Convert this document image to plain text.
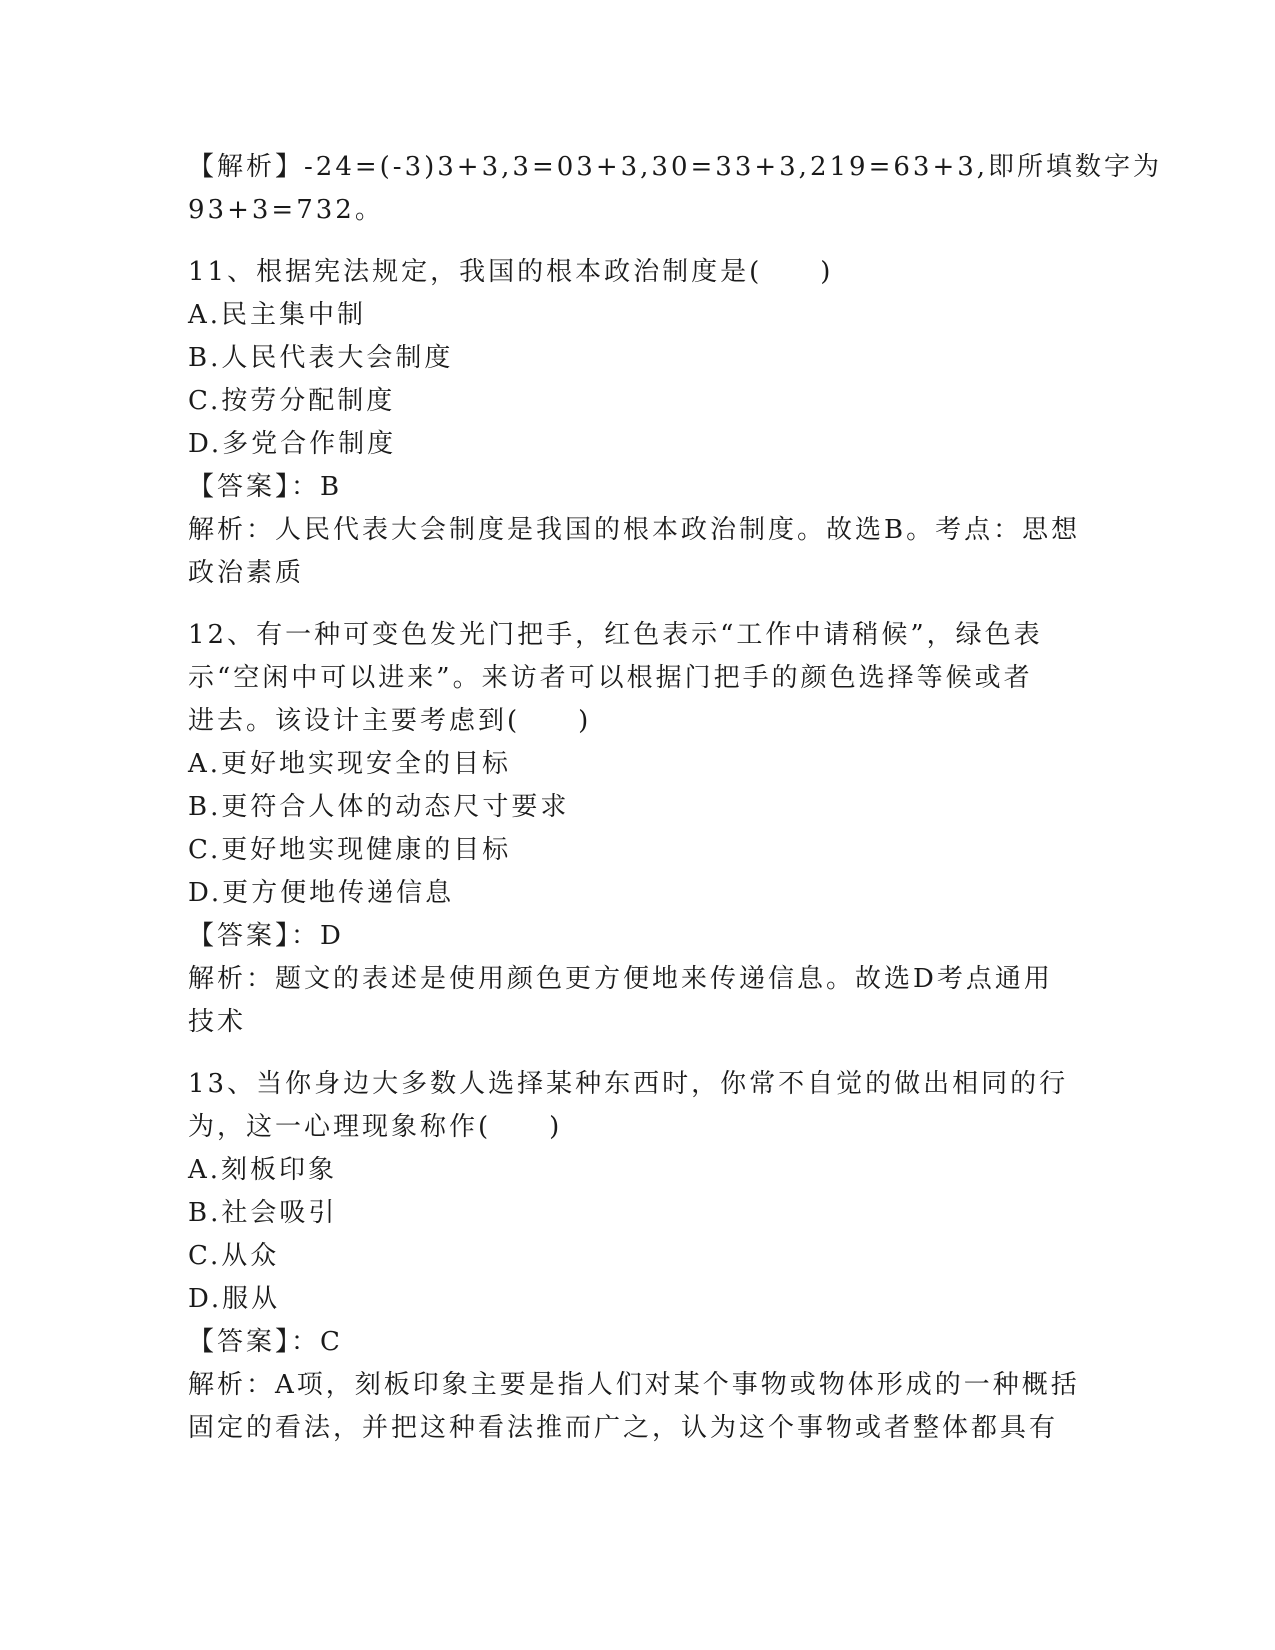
【解析】-24=(-3)3+3,3=03+3,30=33+3,219=63+3,即所填数字为
93+3=732。
11、根据宪法规定，我国的根本政治制度是(　　)
A.民主集中制
B.人民代表大会制度
C.按劳分配制度
D.多党合作制度
【答案】：B
解析：人民代表大会制度是我国的根本政治制度。故选B。考点：思想
政治素质
12、有一种可变色发光门把手，红色表示“工作中请稍候”，绿色表
示“空闲中可以进来”。来访者可以根据门把手的颜色选择等候或者
进去。该设计主要考虑到(　　)
A.更好地实现安全的目标
B.更符合人体的动态尺寸要求
C.更好地实现健康的目标
D.更方便地传递信息
【答案】：D
解析：题文的表述是使用颜色更方便地来传递信息。故选D考点通用
技术
13、当你身边大多数人选择某种东西时，你常不自觉的做出相同的行
为，这一心理现象称作(　　)
A.刻板印象
B.社会吸引
C.从众
D.服从
【答案】：C
解析：A项，刻板印象主要是指人们对某个事物或物体形成的一种概括
固定的看法，并把这种看法推而广之，认为这个事物或者整体都具有
